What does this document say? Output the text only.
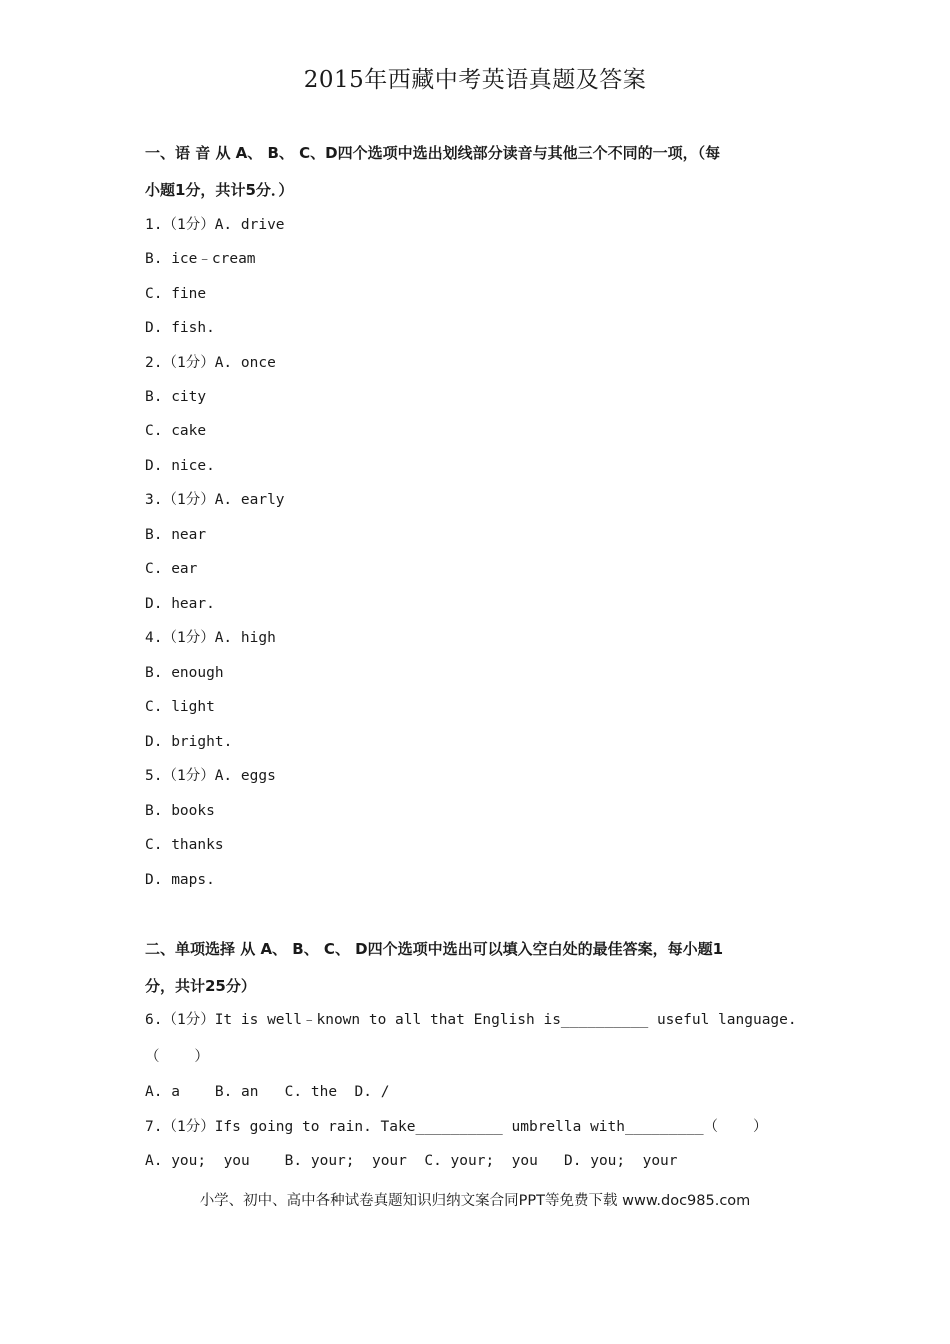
2015年西藏中考英语真题及答案
一、语 音 从 A、 B、 C、D四个选项中选出划线部分读音与其他三个不同的一项，（每
小题1分，共计5分．）
1.（1分）A. drive
B. ice﹣cream
C. fine
D. fish.
2.（1分）A. once
B. city
C. cake
D. nice.
3.（1分）A. early
B. near
C. ear
D. hear.
4.（1分）A. high
B. enough
C. light
D. bright.
5.（1分）A. eggs
B. books
C. thanks
D. maps.
二、单项选择 从 A、 B、 C、 D四个选项中选出可以填入空白处的最佳答案，每小题1
分，共计25分）
6.（1分）It is well﹣known to all that English is__________ useful language.
（    ）
A. a    B. an   C. the  D. /
7.（1分）Ifs going to rain. Take__________ umbrella with_________（    ）
A. you;  you    B. your;  your  C. your;  you   D. you;  your
小学、初中、高中各种试卷真题知识归纳文案合同PPT等免费下载 www.doc985.com
